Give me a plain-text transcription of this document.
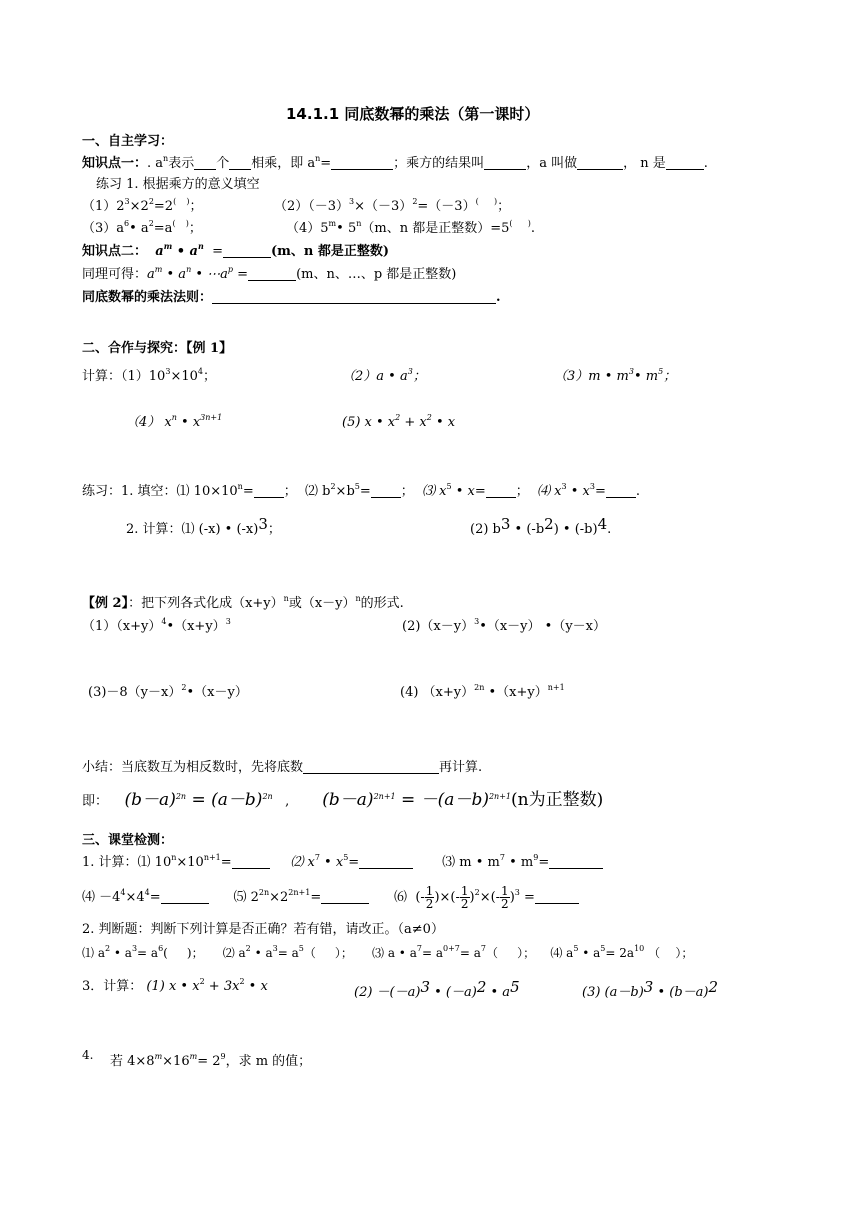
14.1.1 同底数幂的乘法（第一课时）
一、自主学习：
知识点一：. $a^n$表示 个 相乘，即 $a^n=$	；乘方的结果叫	，a 叫做	， n 是	.
练习 1. 根据乘方的意义填空
$(1)2^3\times 2^2=2^{( )}$；	$(2)(-3)^3\times(-3)^2=(-3)^{( )}$；
$(3)a^6•$ $a^2=a^{( )}$；	（4）5$^m$• 5$^n$（m、n 都是正整数）=5(      ).
知识点二： $a^m$ • $a^n$  =	(m、n 都是正整数)
同理可得：$a^m$ • $a^n$ • $\cdots a^p$ =	(m、n、…、p 都是正整数)
同底数幂的乘法法则：	.
二、合作与探究：【例 1】
计算：$(1)10^3\times 10^4$；	（2）a • $a^3$；	（3）m • $m^3•$ $m^5$；
（4） $x^n$ • $x^{3n+1}$	(5) x • $x^2 + x^2$ • x
练习：1. 填空：⑴ $10\times 10^n=$ ；  ⑵ $b^2\times b^5=$ ；  ⑶ $x^5$ • x= ；  ⑷ $x^3$ • $x^3=$ .
2. 计算：⑴ (-x) • (-x)3；	(2) b3 • (-b2) • (-b)4.
【例 2】：把下列各式化成$(x+y)^n$或$(x-y)^n$的形式.
$(1)(x+y)^4•(x+y)^3$	$(2)(x-y)^3•(x-y)$ •（y－x）
$(3)-8(y-x)^2•(x-y)$	(4) $(x+y)^{2n}$ $•(x+y)^{n+1}$
小结：当底数互为相反数时，先将底数	再计算.
即： $(b-a)^{2n} = (a-b)^{2n}$   ,        $(b-a)^{2n+1} = -(a-b)^{2n+1}(n$为正整数)
三、课堂检测：
1. 计算：⑴ $10^n\times 10^{n+1}=$	⑵ $x^7$ • $x^5=$	⑶ m • $m^7$ • $m^9=$
⑷ $-4^4\times 4^4=$	⑸ $2^{2n}\times 2^{2n+1}=$	⑹  (- $\frac{1}{2}$ )×(- $\frac{1}{2} )^2\times(- \frac{1}{2} )^3$ =
2. 判断题：判断下列计算是否正确？若有错，请改正。（a≠0）
⑴ $a^2$ • $a^3= a^6$(     )；     ⑵ $a^2$ • $a^3= a^5$（     ）；     ⑶ a • $a^7= a^{0+7}= a^7$（     ）；    ⑷ $a^5$ • $a^5= 2a^{10}$ （    ）；
3．计算： (1) x • $x^2 + 3x^2$ • x	(2) －(－a)3 • (－a)2 • a5	(3) (a－b)3 • (b－a)2
4. 若 $4\times 8^m\times 16^m= 2^9$，求 m 的值；
